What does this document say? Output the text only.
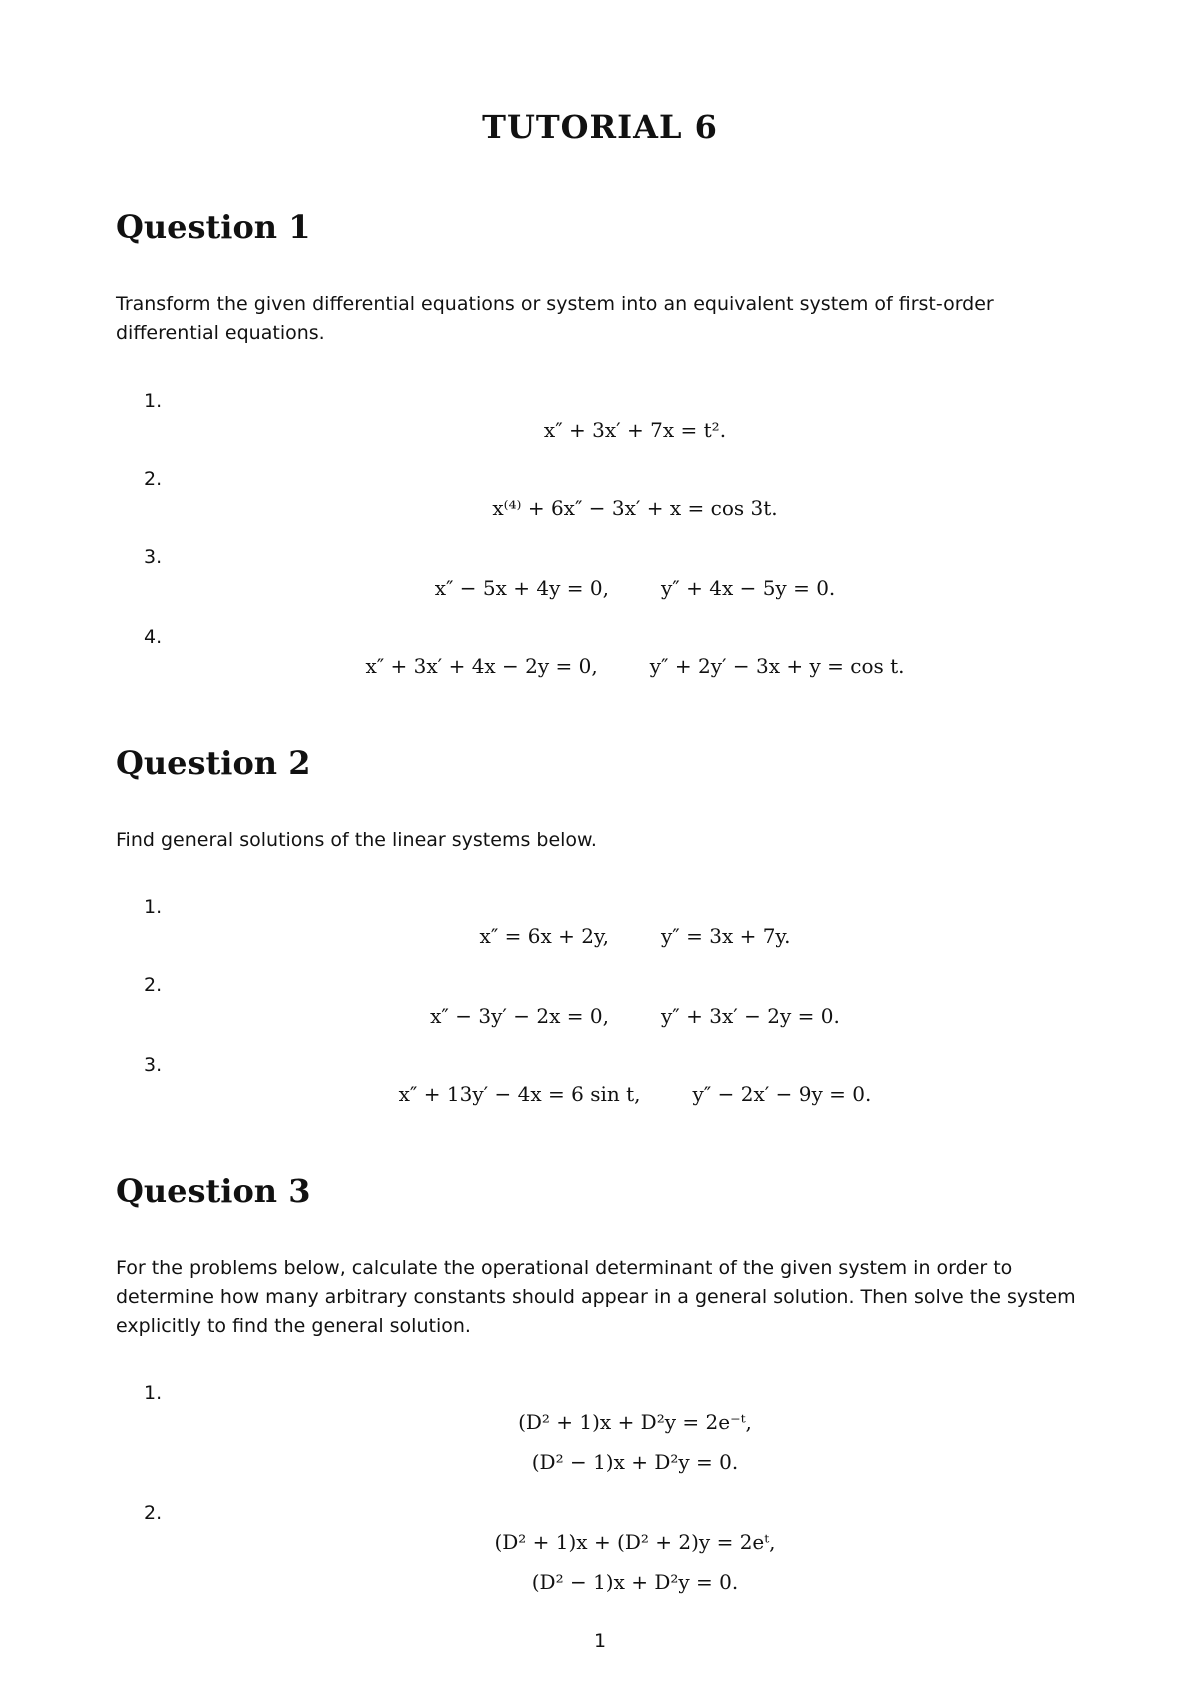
TUTORIAL 6
Question 1
Transform the given differential equations or system into an equivalent system of first-order differential equations.
1.
x″ + 3x′ + 7x = t².
2.
x⁽⁴⁾ + 6x″ − 3x′ + x = cos 3t.
3.
x″ − 5x + 4y = 0,	y″ + 4x − 5y = 0.
4.
x″ + 3x′ + 4x − 2y = 0,	y″ + 2y′ − 3x + y = cos t.
Question 2
Find general solutions of the linear systems below.
1.
x″ = 6x + 2y,	y″ = 3x + 7y.
2.
x″ − 3y′ − 2x = 0,	y″ + 3x′ − 2y = 0.
3.
x″ + 13y′ − 4x = 6 sin t,	y″ − 2x′ − 9y = 0.
Question 3
For the problems below, calculate the operational determinant of the given system in order to determine how many arbitrary constants should appear in a general solution. Then solve the system explicitly to find the general solution.
1.
(D² + 1)x + D²y = 2e⁻ᵗ,
(D² − 1)x + D²y = 0.
2.
(D² + 1)x + (D² + 2)y = 2eᵗ,
(D² − 1)x + D²y = 0.
1
